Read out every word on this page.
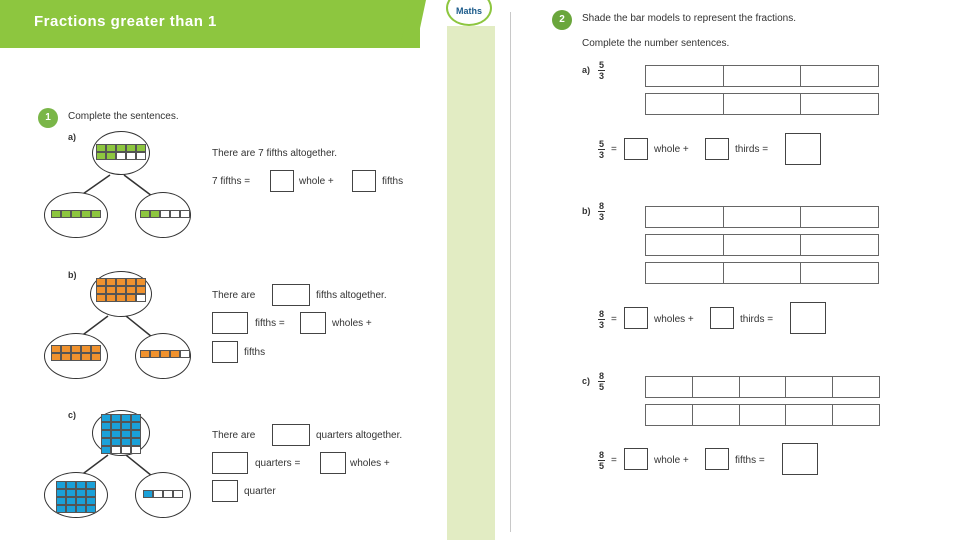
Fractions greater than 1
Maths
1	Complete the sentences.
a)
There are 7 fifths altogether.
7 fifths =	whole +	fifths
b)
There are	fifths altogether.
fifths =	wholes +
fifths
c)
There are	quarters altogether.
quarters =	wholes +
quarter
2	Shade the bar models to represent the fractions.
Complete the number sentences.
a) 5
3
5
3 =	whole +	thirds =
b) 8
3
8
3 =	wholes +	thirds =
c) 8
5
8
5 =	whole +	fifths =
